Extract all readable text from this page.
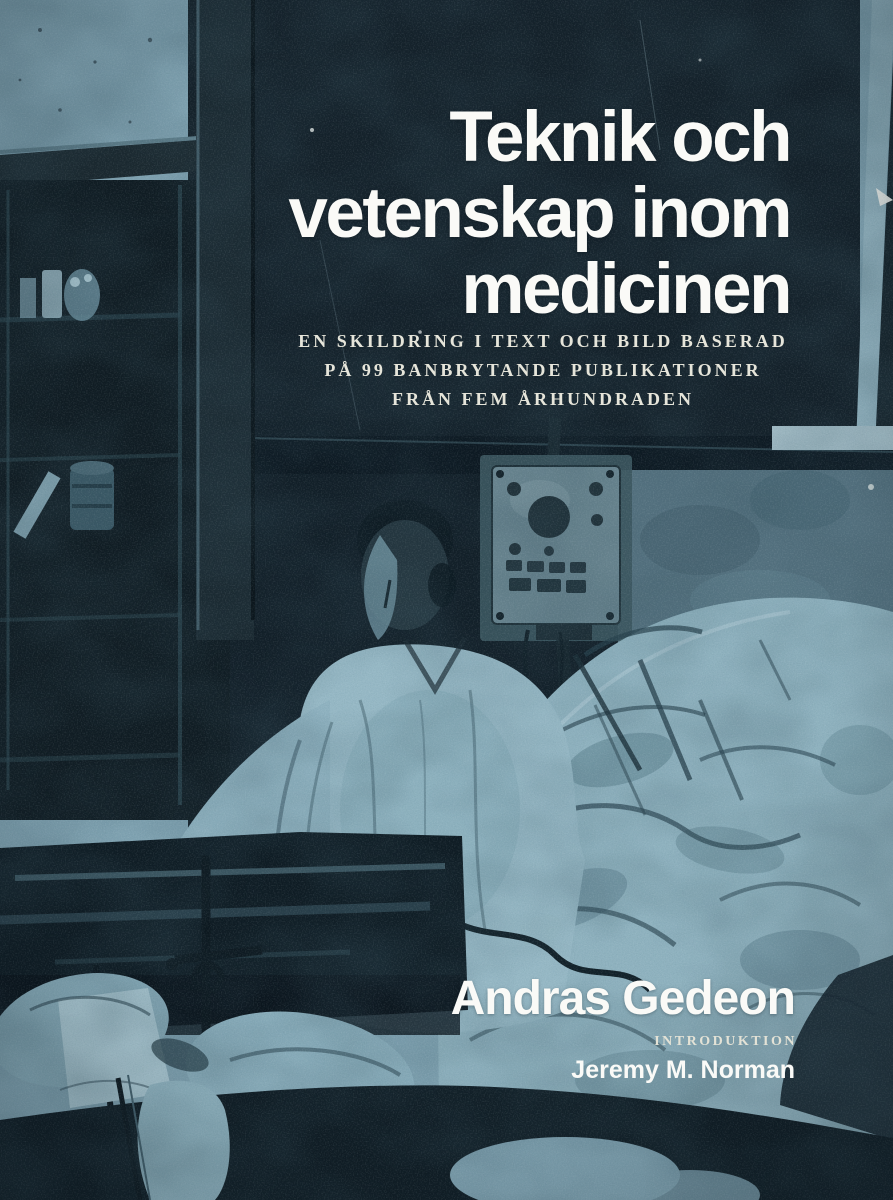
Teknik och
vetenskap inom
medicinen
EN SKILDRING I TEXT OCH BILD BASERAD
PÅ 99 BANBRYTANDE PUBLIKATIONER
FRÅN FEM ÅRHUNDRADEN
Andras Gedeon
INTRODUKTION
Jeremy M. Norman
